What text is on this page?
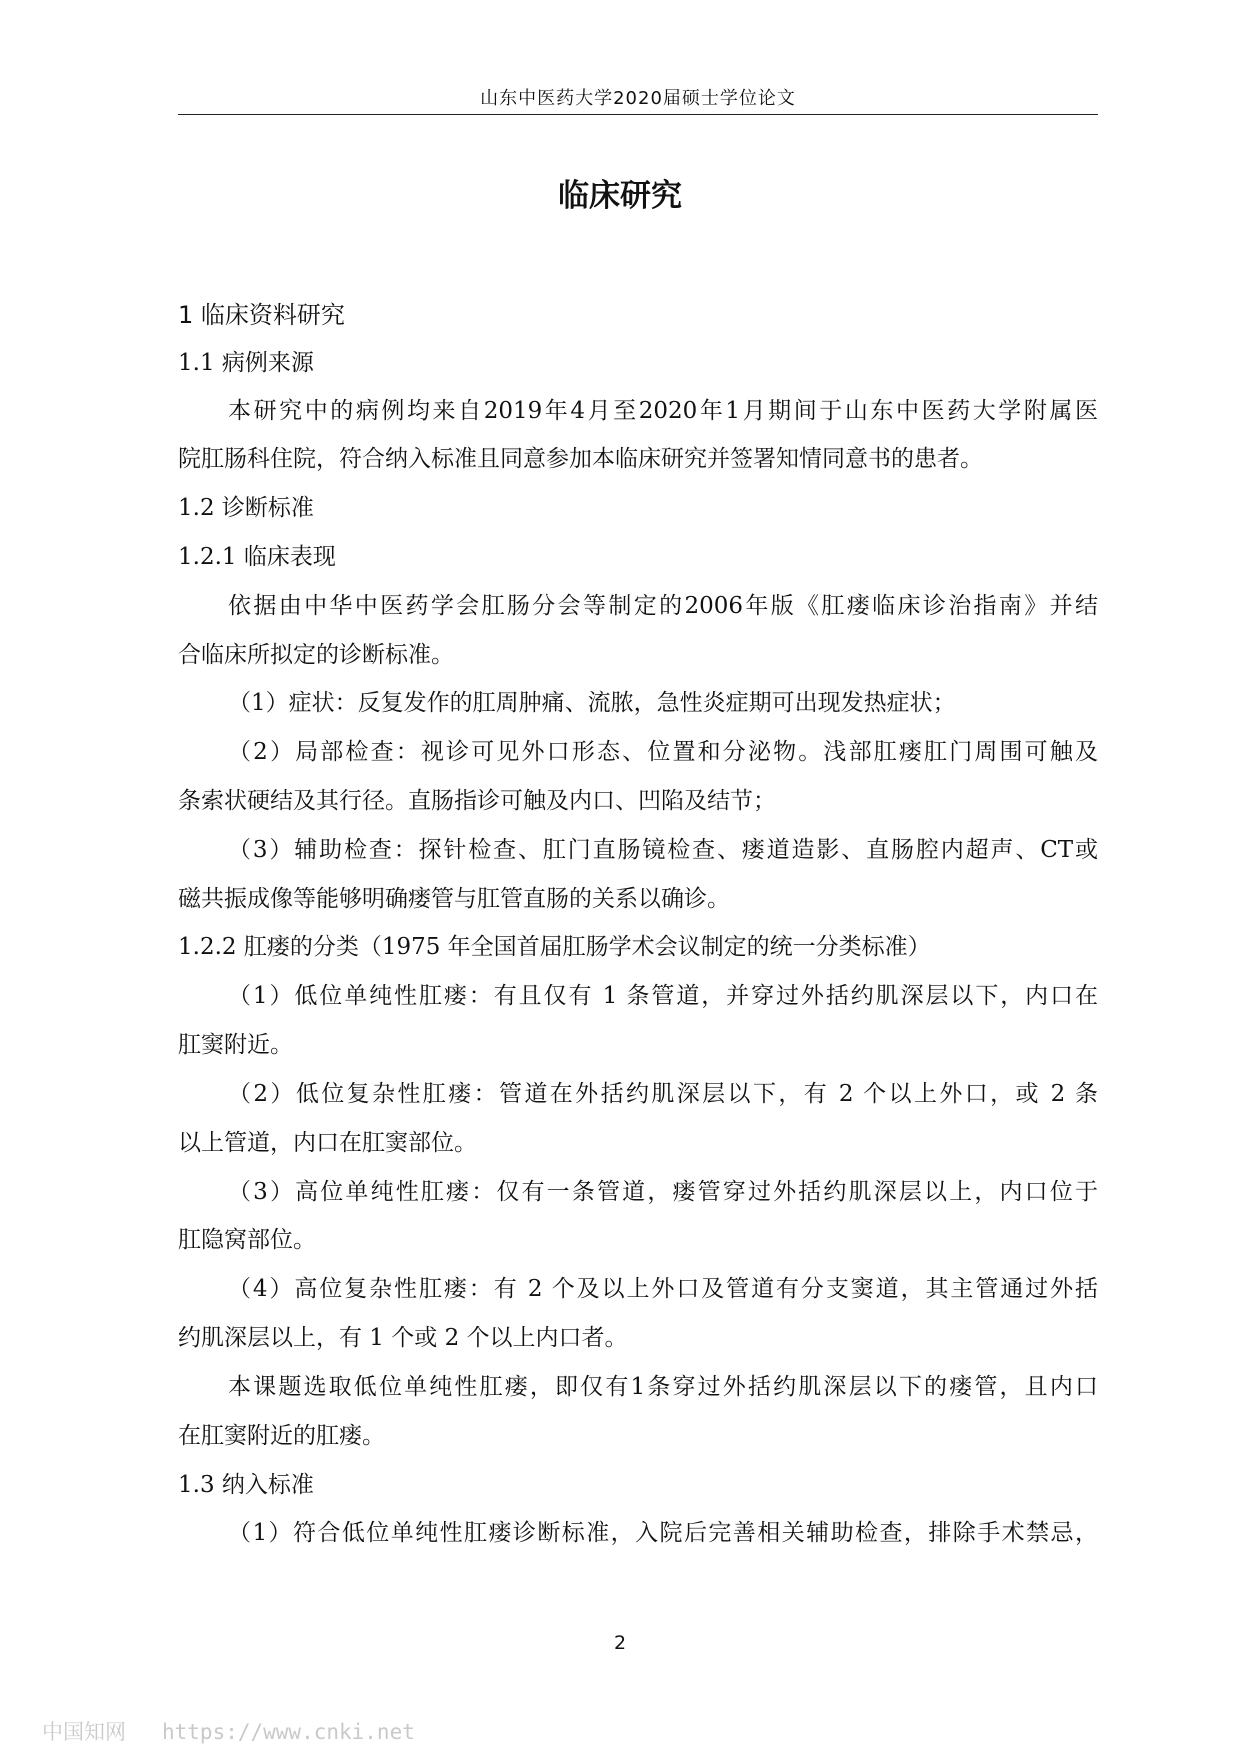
山东中医药大学2020届硕士学位论文
临床研究
1 临床资料研究
1.1 病例来源
本研究中的病例均来自2019年4月至2020年1月期间于山东中医药大学附属医
院肛肠科住院，符合纳入标准且同意参加本临床研究并签署知情同意书的患者。
1.2 诊断标准
1.2.1 临床表现
依据由中华中医药学会肛肠分会等制定的2006年版《肛瘘临床诊治指南》并结
合临床所拟定的诊断标准。
（1）症状：反复发作的肛周肿痛、流脓，急性炎症期可出现发热症状；
（2）局部检查：视诊可见外口形态、位置和分泌物。浅部肛瘘肛门周围可触及
条索状硬结及其行径。直肠指诊可触及内口、凹陷及结节；
（3）辅助检查：探针检查、肛门直肠镜检查、瘘道造影、直肠腔内超声、CT或
磁共振成像等能够明确瘘管与肛管直肠的关系以确诊。
1.2.2 肛瘘的分类（1975 年全国首届肛肠学术会议制定的统一分类标准）
（1）低位单纯性肛瘘：有且仅有 1 条管道，并穿过外括约肌深层以下，内口在
肛窦附近。
（2）低位复杂性肛瘘：管道在外括约肌深层以下，有 2 个以上外口，或 2 条
以上管道，内口在肛窦部位。
（3）高位单纯性肛瘘：仅有一条管道，瘘管穿过外括约肌深层以上，内口位于
肛隐窝部位。
（4）高位复杂性肛瘘：有 2 个及以上外口及管道有分支窦道，其主管通过外括
约肌深层以上，有 1 个或 2 个以上内口者。
本课题选取低位单纯性肛瘘，即仅有1条穿过外括约肌深层以下的瘘管，且内口
在肛窦附近的肛瘘。
1.3 纳入标准
（1）符合低位单纯性肛瘘诊断标准，入院后完善相关辅助检查，排除手术禁忌，
2
中国知网 https://www.cnki.net
